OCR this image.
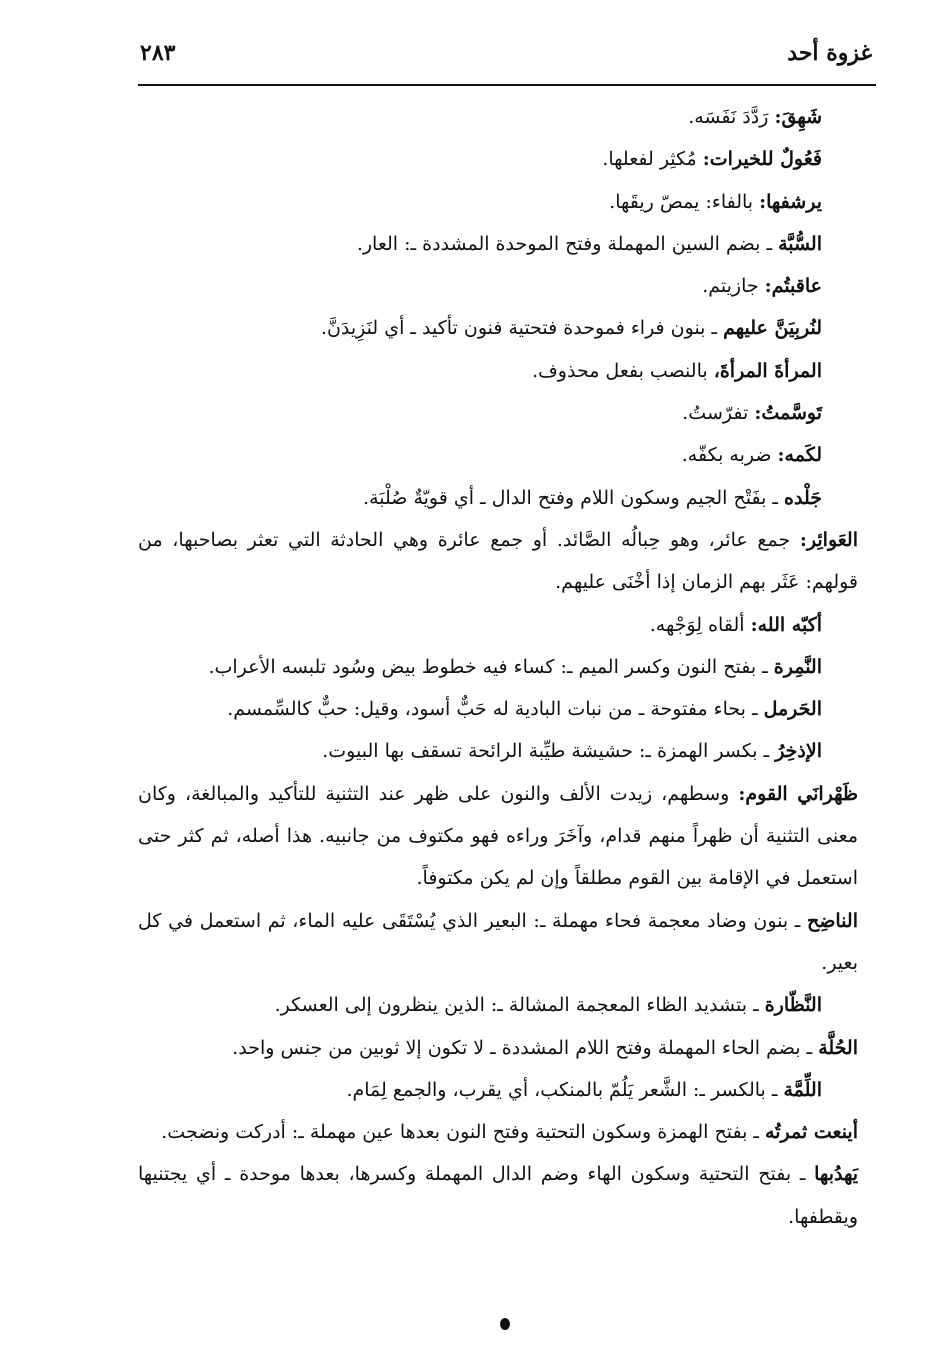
غزوة أحد
٢٨٣

شَهِقَ: رَدَّدَ نَفَسَه.

فَعُولٌ للخيرات: مُكثِر لفعلها.

يرشفها: بالفاء: يمصّ ريقَها.

السُّبَّة ـ بضم السين المهملة وفتح الموحدة المشددة ـ: العار.

عاقبتُم: جازيتم.

لنُربِيَنَّ عليهم ـ بنون فراء فموحدة فتحتية فنون تأكيد ـ أي لنَزِيدَنَّ.

المرأةَ المرأةَ، بالنصب بفعل محذوف.

تَوسَّمتُ: تفرّستُ.

لكَمه: ضربه بكفّه.

جَلْده ـ بفَتْح الجيم وسكون اللام وفتح الدال ـ أي قويّةٌ صُلْبَة.

العَوائِر: جمع عائر، وهو حِبالُه الصَّائد. أو جمع عائرة وهي الحادثة التي تعثر بصاحبها، من قولهم: عَثَر بهم الزمان إذا أخْنَى عليهم.

أكبّه الله: ألقاه لِوَجْهه.

النَّمِرة ـ بفتح النون وكسر الميم ـ: كساء فيه خطوط بيض وسُود تلبسه الأعراب.

الحَرمل ـ بحاء مفتوحة ـ من نبات البادية له حَبٌّ أسود، وقيل: حبٌّ كالسِّمسم.

الإذخِرُ ـ بكسر الهمزة ـ: حشيشة طيِّبة الرائحة تسقف بها البيوت.

ظَهْرانَي القوم: وسطهم، زيدت الألف والنون على ظهر عند التثنية للتأكيد والمبالغة، وكان معنى التثنية أن ظهراً منهم قدام، وآخَرَ وراءه فهو مكتوف من جانبيه. هذا أصله، ثم كثر حتى استعمل في الإقامة بين القوم مطلقاً وإن لم يكن مكتوفاً.

الناضِح ـ بنون وضاد معجمة فحاء مهملة ـ: البعير الذي يُسْتَقَى عليه الماء، ثم استعمل في كل بعير.

النَّظّارة ـ بتشديد الظاء المعجمة المشالة ـ: الذين ينظرون إلى العسكر.

الحُلَّة ـ بضم الحاء المهملة وفتح اللام المشددة ـ لا تكون إلا ثوبين من جنس واحد.

اللِّمَّة ـ بالكسر ـ: الشَّعر يَلُمّ بالمنكب، أي يقرب، والجمع لِمَام.

أينعت ثمرتُه ـ بفتح الهمزة وسكون التحتية وفتح النون بعدها عين مهملة ـ: أدركت ونضجت.

يَهدُبها ـ بفتح التحتية وسكون الهاء وضم الدال المهملة وكسرها، بعدها موحدة ـ أي يجتنيها ويقطفها.
